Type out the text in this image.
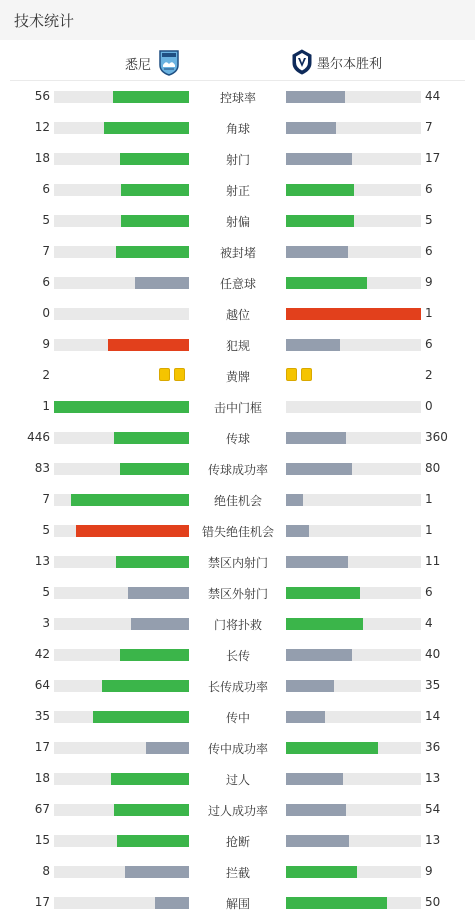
技术统计
悉尼	墨尔本胜利
56	控球率	44
12	角球	7
18	射门	17
6	射正	6
5	射偏	5
7	被封堵	6
6	任意球	9
0	越位	1
9	犯规	6
2	黄牌	2
1	击中门框	0
446	传球	360
83	传球成功率	80
7	绝佳机会	1
5	错失绝佳机会	1
13	禁区内射门	11
5	禁区外射门	6
3	门将扑救	4
42	长传	40
64	长传成功率	35
35	传中	14
17	传中成功率	36
18	过人	13
67	过人成功率	54
15	抢断	13
8	拦截	9
17	解围	50
